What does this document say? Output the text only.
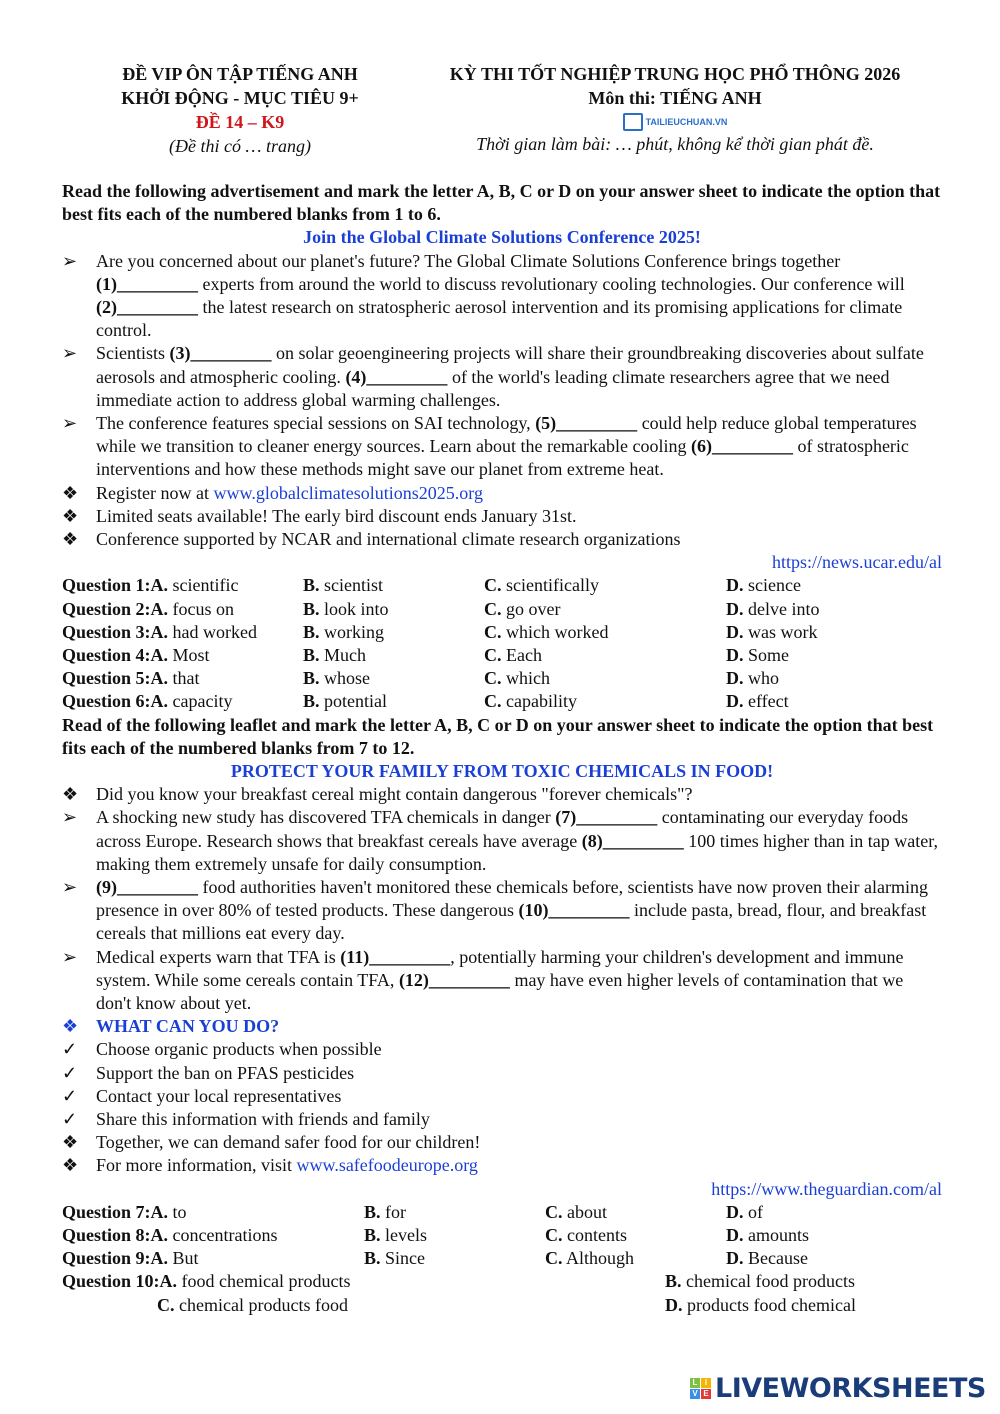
ĐỀ VIP ÔN TẬP TIẾNG ANH
KHỞI ĐỘNG - MỤC TIÊU 9+
ĐỀ 14 – K9
(Đề thi có … trang)
KỲ THI TỐT NGHIỆP TRUNG HỌC PHỔ THÔNG 2026
Môn thi: TIẾNG ANH
TAILIEUCHUAN.VN
Thời gian làm bài: … phút, không kể thời gian phát đề.
Read the following advertisement and mark the letter A, B, C or D on your answer sheet to indicate the option that best fits each of the numbered blanks from 1 to 6.
Join the Global Climate Solutions Conference 2025!
➢	Are you concerned about our planet's future? The Global Climate Solutions Conference brings together (1)_________ experts from around the world to discuss revolutionary cooling technologies. Our conference will (2)_________ the latest research on stratospheric aerosol intervention and its promising applications for climate control.
➢	Scientists (3)_________ on solar geoengineering projects will share their groundbreaking discoveries about sulfate aerosols and atmospheric cooling. (4)_________ of the world's leading climate researchers agree that we need immediate action to address global warming challenges.
➢	The conference features special sessions on SAI technology, (5)_________ could help reduce global temperatures while we transition to cleaner energy sources. Learn about the remarkable cooling (6)_________ of stratospheric interventions and how these methods might save our planet from extreme heat.
❖ Register now at www.globalclimatesolutions2025.org
❖ Limited seats available! The early bird discount ends January 31st.
❖ Conference supported by NCAR and international climate research organizations
https://news.ucar.edu/al
Question 1:A. scientific	B. scientist	C. scientifically	D. science
Question 2:A. focus on	B. look into	C. go over	D. delve into
Question 3:A. had worked	B. working	C. which worked	D. was work
Question 4:A. Most	B. Much	C. Each	D. Some
Question 5:A. that	B. whose	C. which	D. who
Question 6:A. capacity	B. potential	C. capability	D. effect
Read of the following leaflet and mark the letter A, B, C or D on your answer sheet to indicate the option that best fits each of the numbered blanks from 7 to 12.
PROTECT YOUR FAMILY FROM TOXIC CHEMICALS IN FOOD!
❖ Did you know your breakfast cereal might contain dangerous "forever chemicals"?
➢	A shocking new study has discovered TFA chemicals in danger (7)_________ contaminating our everyday foods across Europe. Research shows that breakfast cereals have average (8)_________ 100 times higher than in tap water, making them extremely unsafe for daily consumption.
➢	(9)_________ food authorities haven't monitored these chemicals before, scientists have now proven their alarming presence in over 80% of tested products. These dangerous (10)_________ include pasta, bread, flour, and breakfast cereals that millions eat every day.
➢	Medical experts warn that TFA is (11)_________, potentially harming your children's development and immune system. While some cereals contain TFA, (12)_________ may have even higher levels of contamination that we don't know about yet.
❖ WHAT CAN YOU DO?
✓	Choose organic products when possible
✓	Support the ban on PFAS pesticides
✓	Contact your local representatives
✓	Share this information with friends and family
❖ Together, we can demand safer food for our children!
❖ For more information, visit www.safefoodeurope.org
https://www.theguardian.com/al
Question 7:A. to	B. for	C. about	D. of
Question 8:A. concentrations	B. levels	C. contents	D. amounts
Question 9:A. But	B. Since	C. Although	D. Because
Question 10:A. food chemical products	B. chemical food products
C. chemical products food	D. products food chemical
L I
V E LIVEWORKSHEETS
